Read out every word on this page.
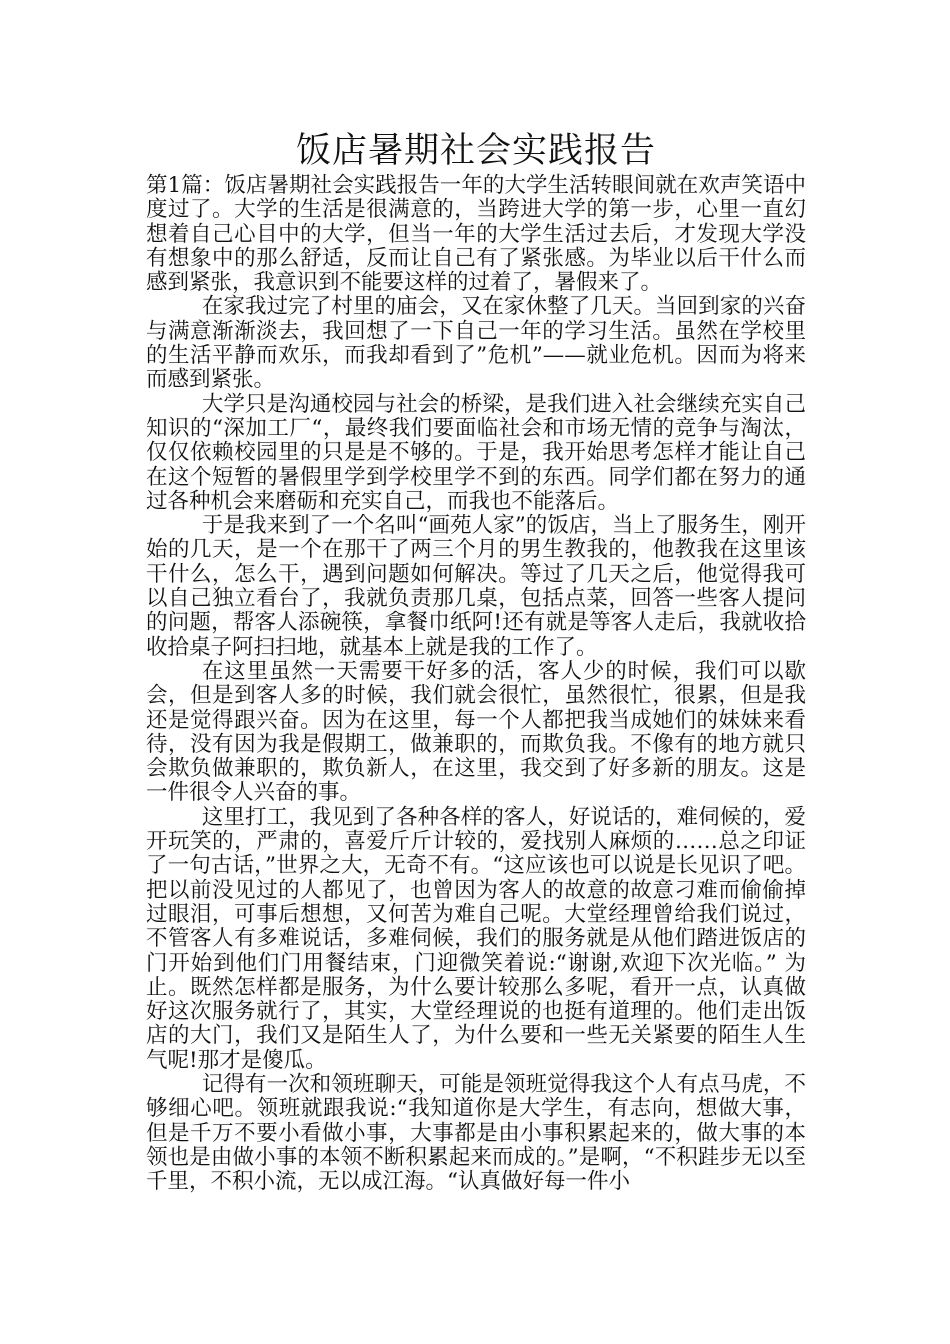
饭店暑期社会实践报告

第1篇：饭店暑期社会实践报告一年的大学生活转眼间就在欢声笑语中度过了。大学的生活是很满意的，当跨进大学的第一步，心里一直幻想着自己心目中的大学，但当一年的大学生活过去后，才发现大学没有想象中的那么舒适，反而让自己有了紧张感。为毕业以后干什么而感到紧张，我意识到不能要这样的过着了，暑假来了。

在家我过完了村里的庙会，又在家休整了几天。当回到家的兴奋与满意渐渐淡去，我回想了一下自己一年的学习生活。虽然在学校里的生活平静而欢乐，而我却看到了”危机”——就业危机。因而为将来而感到紧张。

大学只是沟通校园与社会的桥梁，是我们进入社会继续充实自己知识的“深加工厂“，最终我们要面临社会和市场无情的竞争与淘汰，仅仅依赖校园里的只是是不够的。于是，我开始思考怎样才能让自己在这个短暂的暑假里学到学校里学不到的东西。同学们都在努力的通过各种机会来磨砺和充实自己，而我也不能落后。

于是我来到了一个名叫“画苑人家”的饭店，当上了服务生，刚开始的几天，是一个在那干了两三个月的男生教我的，他教我在这里该干什么，怎么干，遇到问题如何解决。等过了几天之后，他觉得我可以自己独立看台了，我就负责那几桌，包括点菜，回答一些客人提问的问题，帮客人添碗筷，拿餐巾纸阿!还有就是等客人走后，我就收拾收拾桌子阿扫扫地，就基本上就是我的工作了。

在这里虽然一天需要干好多的活，客人少的时候，我们可以歇会，但是到客人多的时候，我们就会很忙，虽然很忙，很累，但是我还是觉得跟兴奋。因为在这里，每一个人都把我当成她们的妹妹来看待，没有因为我是假期工，做兼职的，而欺负我。不像有的地方就只会欺负做兼职的，欺负新人，在这里，我交到了好多新的朋友。这是一件很令人兴奋的事。

这里打工，我见到了各种各样的客人，好说话的，难伺候的，爱开玩笑的，严肃的，喜爱斤斤计较的，爱找别人麻烦的……总之印证了一句古话，”世界之大，无奇不有。“这应该也可以说是长见识了吧。把以前没见过的人都见了，也曾因为客人的故意的故意刁难而偷偷掉过眼泪，可事后想想，又何苦为难自己呢。大堂经理曾给我们说过，不管客人有多难说话，多难伺候，我们的服务就是从他们踏进饭店的门开始到他们门用餐结束，门迎微笑着说:“谢谢,欢迎下次光临。” 为止。既然怎样都是服务，为什么要计较那么多呢，看开一点，认真做好这次服务就行了，其实，大堂经理说的也挺有道理的。他们走出饭店的大门，我们又是陌生人了，为什么要和一些无关紧要的陌生人生气呢!那才是傻瓜。

记得有一次和领班聊天，可能是领班觉得我这个人有点马虎，不够细心吧。领班就跟我说:“我知道你是大学生，有志向，想做大事，但是千万不要小看做小事，大事都是由小事积累起来的，做大事的本领也是由做小事的本领不断积累起来而成的。”是啊，“不积跬步无以至千里，不积小流，无以成江海。“认真做好每一件小
